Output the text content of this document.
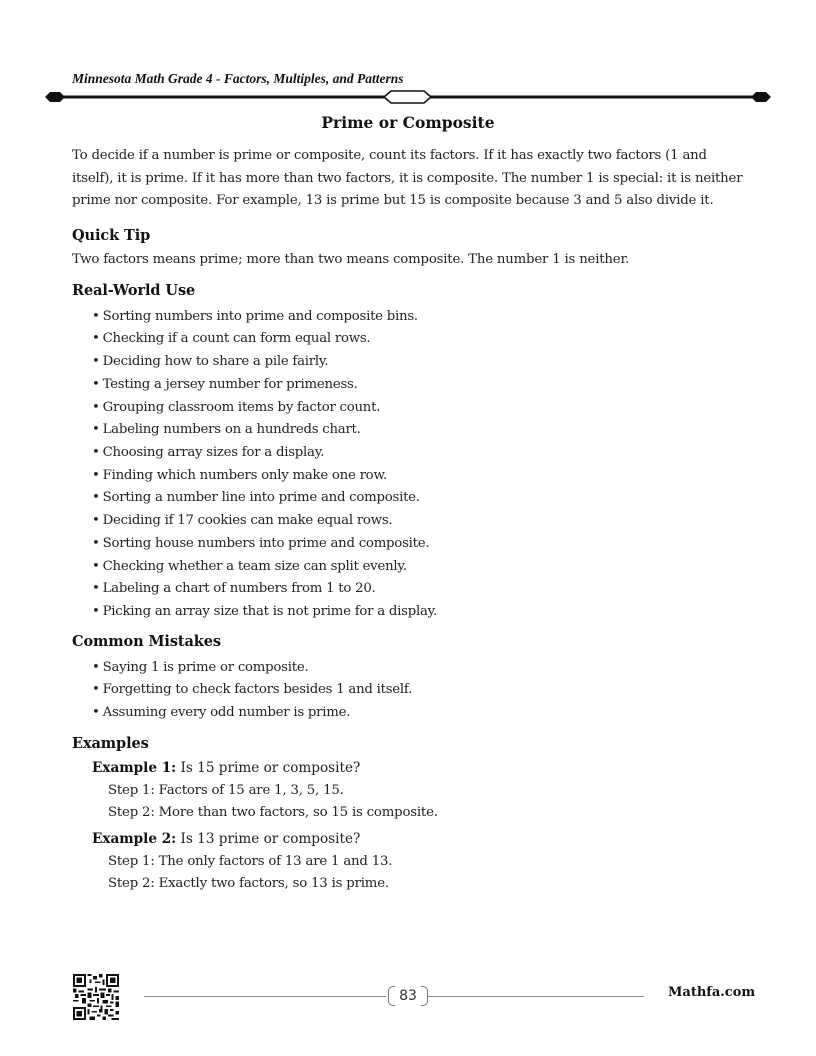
Minnesota Math Grade 4 - Factors, Multiples, and Patterns
Prime or Composite

To decide if a number is prime or composite, count its factors. If it has exactly two factors (1 and itself), it is prime. If it has more than two factors, it is composite. The number 1 is special: it is neither prime nor composite. For example, 13 is prime but 15 is composite because 3 and 5 also divide it.

Quick Tip
Two factors means prime; more than two means composite. The number 1 is neither.
Real-World Use
• Sorting numbers into prime and composite bins.
• Checking if a count can form equal rows.
• Deciding how to share a pile fairly.
• Testing a jersey number for primeness.
• Grouping classroom items by factor count.
• Labeling numbers on a hundreds chart.
• Choosing array sizes for a display.
• Finding which numbers only make one row.
• Sorting a number line into prime and composite.
• Deciding if 17 cookies can make equal rows.
• Sorting house numbers into prime and composite.
• Checking whether a team size can split evenly.
• Labeling a chart of numbers from 1 to 20.
• Picking an array size that is not prime for a display.
Common Mistakes
• Saying 1 is prime or composite.
• Forgetting to check factors besides 1 and itself.
• Assuming every odd number is prime.
Examples
Example 1: Is 15 prime or composite?
Step 1: Factors of 15 are 1, 3, 5, 15.
Step 2: More than two factors, so 15 is composite.
Example 2: Is 13 prime or composite?
Step 1: The only factors of 13 are 1 and 13.
Step 2: Exactly two factors, so 13 is prime.
83	Mathfa.com
